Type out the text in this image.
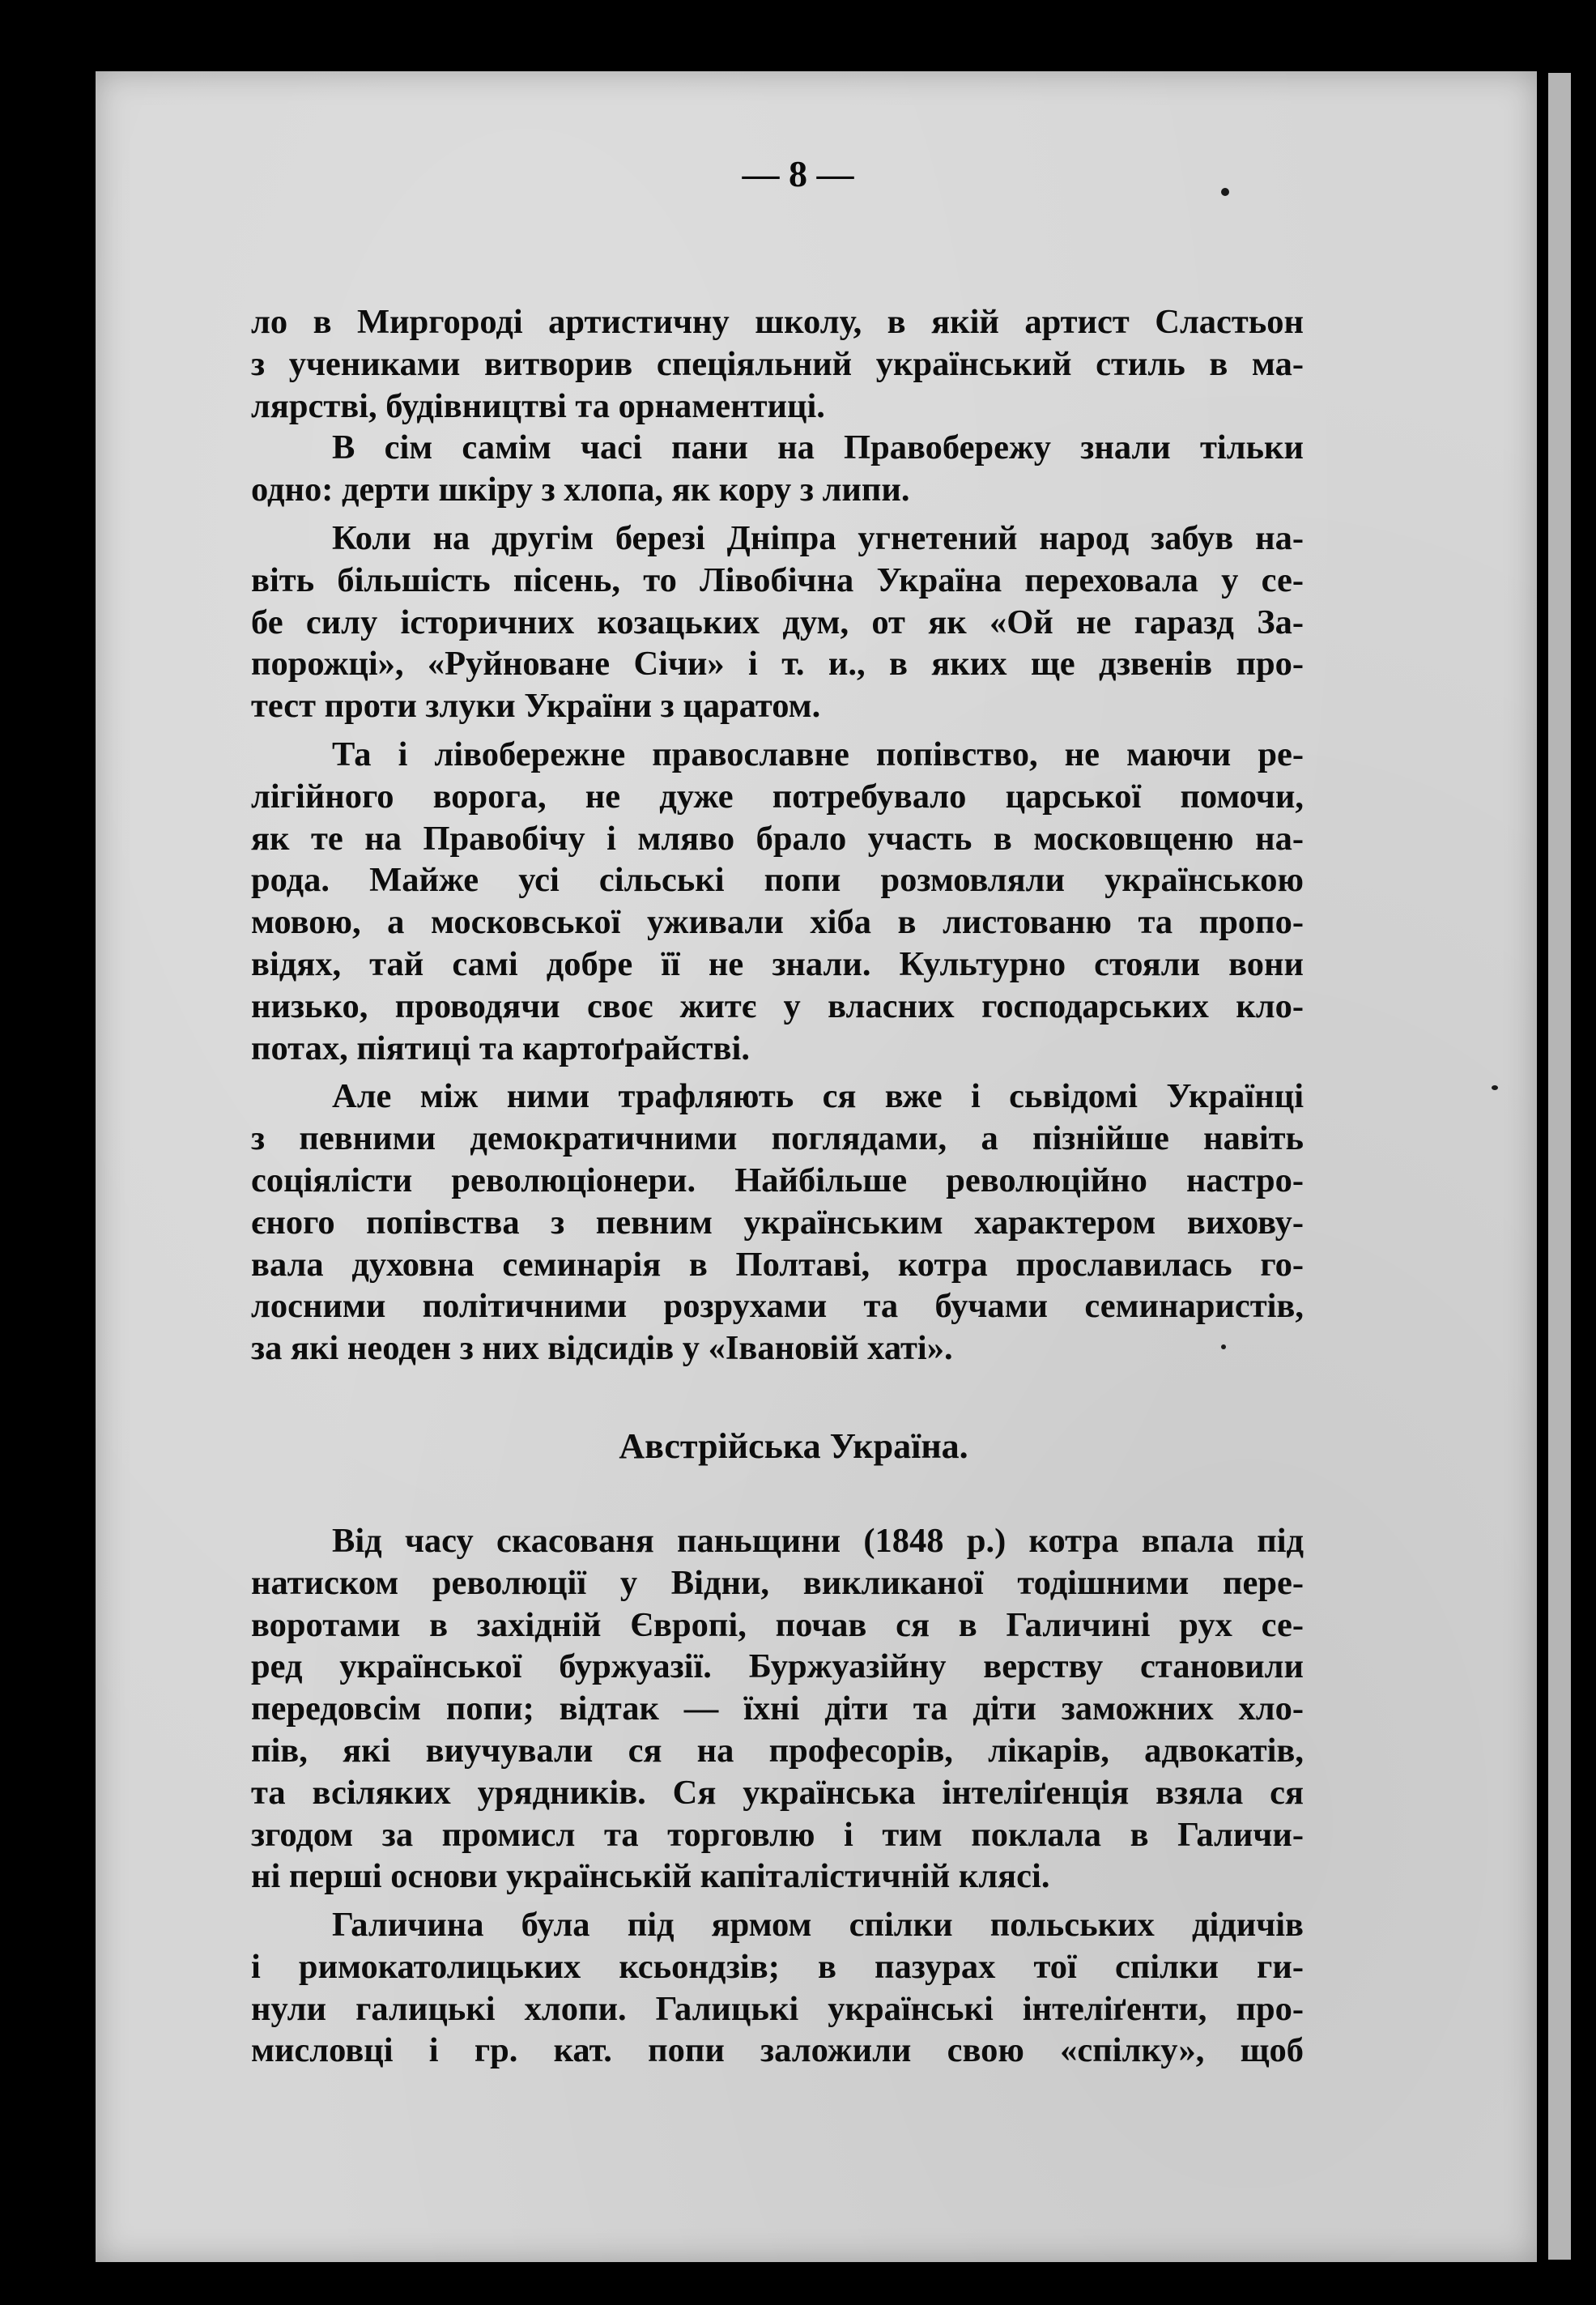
— 8 —
ло в Миргороді артистичну школу, в якій артист Сластьон
з учениками витворив спеціяльний український стиль в ма-
лярстві, будівництві та орнаментиці.
В сім самім часі пани на Правобережу знали тільки
одно: дерти шкіру з хлопа, як кору з липи.
Коли на другім березі Дніпра угнетений народ забув на-
віть більшість пісень, то Лівобічна Україна переховала у се-
бе силу історичних козацьких дум, от як «Ой не гаразд За-
порожці», «Руйноване Січи» і т. и., в яких ще дзвенів про-
тест проти злуки України з царатом.
Та і лівобережне православне попівство, не маючи ре-
лігійного ворога, не дуже потребувало царської помочи,
як те на Правобічу і мляво брало участь в московщеню на-
рода. Майже усі сільські попи розмовляли українською
мовою, а московської уживали хіба в листованю та пропо-
відях, тай самі добре її не знали. Культурно стояли вони
низько, проводячи своє житє у власних господарських кло-
потах, піятиці та картоґрайстві.
Але між ними трафляють ся вже і сьвідомі Українці
з певними демократичними поглядами, а пізнійше навіть
соціялісти революціонери. Найбільше революційно настро-
єного попівства з певним українським характером вихову-
вала духовна семинарія в Полтаві, котра прославилась го-
лосними політичними розрухами та бучами семинаристів,
за які неоден з них відсидів у «Івановій хаті».
Австрійська Україна.
Від часу скасованя паньщини (1848 р.) котра впала під
натиском революції у Відни, викликаної тодішними пере-
воротами в західній Європі, почав ся в Галичині рух се-
ред української буржуазії. Буржуазійну верству становили
передовсім попи; відтак — їхні діти та діти заможних хло-
пів, які виучували ся на професорів, лікарів, адвокатів,
та всіляких урядників. Ся українська інтеліґенція взяла ся
згодом за промисл та торговлю і тим поклала в Галичи-
ні перші основи українській капіталістичній клясі.
Галичина була під ярмом спілки польських дідичів
і римокатолицьких ксьондзів; в пазурах тої спілки ги-
нули галицькі хлопи. Галицькі українські інтеліґенти, про-
мисловці і гр. кат. попи заложили свою «спілку», щоб
